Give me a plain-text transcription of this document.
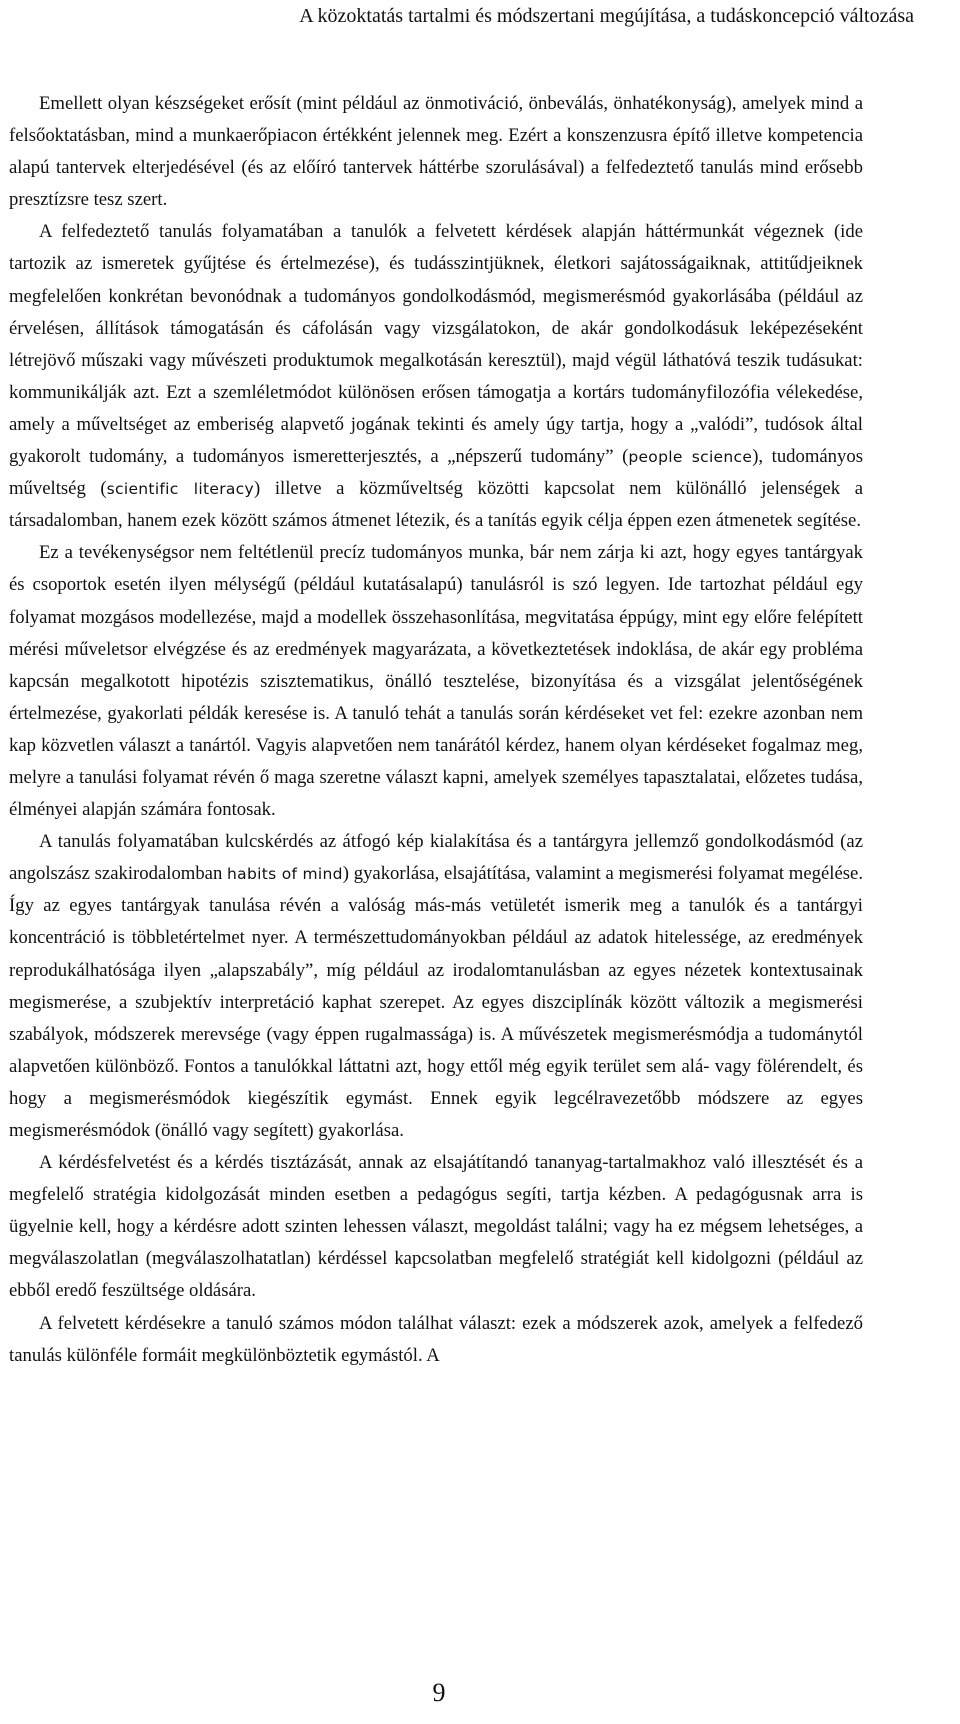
A közoktatás tartalmi és módszertani megújítása, a tudáskoncepció változása

Emellett olyan készségeket erősít (mint például az önmotiváció, önbeválás, önhatékonyság), amelyek mind a felsőoktatásban, mind a munkaerőpiacon értékként jelennek meg. Ezért a konszenzusra építő illetve kompetencia alapú tantervek elterjedésével (és az előíró tantervek háttérbe szorulásával) a felfedeztető tanulás mind erősebb presztízsre tesz szert.

A felfedeztető tanulás folyamatában a tanulók a felvetett kérdések alapján háttérmunkát végeznek (ide tartozik az ismeretek gyűjtése és értelmezése), és tudásszintjüknek, életkori sajátosságaiknak, attitűdjeiknek megfelelően konkrétan bevonódnak a tudományos gondolkodásmód, megismerésmód gyakorlásába (például az érvelésen, állítások támogatásán és cáfolásán vagy vizsgálatokon, de akár gondolkodásuk leképezéseként létrejövő műszaki vagy művészeti produktumok megalkotásán keresztül), majd végül láthatóvá teszik tudásukat: kommunikálják azt. Ezt a szemléletmódot különösen erősen támogatja a kortárs tudományfilozófia vélekedése, amely a műveltséget az emberiség alapvető jogának tekinti és amely úgy tartja, hogy a „valódi”, tudósok által gyakorolt tudomány, a tudományos ismeretterjesztés, a „népszerű tudomány” (people science), tudományos műveltség (scientific literacy) illetve a közműveltség közötti kapcsolat nem különálló jelenségek a társadalomban, hanem ezek között számos átmenet létezik, és a tanítás egyik célja éppen ezen átmenetek segítése.

Ez a tevékenységsor nem feltétlenül precíz tudományos munka, bár nem zárja ki azt, hogy egyes tantárgyak és csoportok esetén ilyen mélységű (például kutatásalapú) tanulásról is szó legyen. Ide tartozhat például egy folyamat mozgásos modellezése, majd a modellek összehasonlítása, megvitatása éppúgy, mint egy előre felépített mérési műveletsor elvégzése és az eredmények magyarázata, a következtetések indoklása, de akár egy probléma kapcsán megalkotott hipotézis szisztematikus, önálló tesztelése, bizonyítása és a vizsgálat jelentőségének értelmezése, gyakorlati példák keresése is. A tanuló tehát a tanulás során kérdéseket vet fel: ezekre azonban nem kap közvetlen választ a tanártól. Vagyis alapvetően nem tanárától kérdez, hanem olyan kérdéseket fogalmaz meg, melyre a tanulási folyamat révén ő maga szeretne választ kapni, amelyek személyes tapasztalatai, előzetes tudása, élményei alapján számára fontosak.

A tanulás folyamatában kulcskérdés az átfogó kép kialakítása és a tantárgyra jellemző gondolkodásmód (az angolszász szakirodalomban habits of mind) gyakorlása, elsajátítása, valamint a megismerési folyamat megélése. Így az egyes tantárgyak tanulása révén a valóság más-más vetületét ismerik meg a tanulók és a tantárgyi koncentráció is többletértelmet nyer. A természettudományokban például az adatok hitelessége, az eredmények reprodukálhatósága ilyen „alapszabály”, míg például az irodalomtanulásban az egyes nézetek kontextusainak megismerése, a szubjektív interpretáció kaphat szerepet. Az egyes diszciplínák között változik a megismerési szabályok, módszerek merevsége (vagy éppen rugalmassága) is. A művészetek megismerésmódja a tudománytól alapvetően különböző. Fontos a tanulókkal láttatni azt, hogy ettől még egyik terület sem alá- vagy fölérendelt, és hogy a megismerésmódok kiegészítik egymást. Ennek egyik legcélravezetőbb módszere az egyes megismerésmódok (önálló vagy segített) gyakorlása.

A kérdésfelvetést és a kérdés tisztázását, annak az elsajátítandó tananyag-tartalmakhoz való illesztését és a megfelelő stratégia kidolgozását minden esetben a pedagógus segíti, tartja kézben. A pedagógusnak arra is ügyelnie kell, hogy a kérdésre adott szinten lehessen választ, megoldást találni; vagy ha ez mégsem lehetséges, a megválaszolatlan (megválaszolhatatlan) kérdéssel kapcsolatban megfelelő stratégiát kell kidolgozni (például az ebből eredő feszültsége oldására.

A felvetett kérdésekre a tanuló számos módon találhat választ: ezek a módszerek azok, amelyek a felfedező tanulás különféle formáit megkülönböztetik egymástól. A

9
